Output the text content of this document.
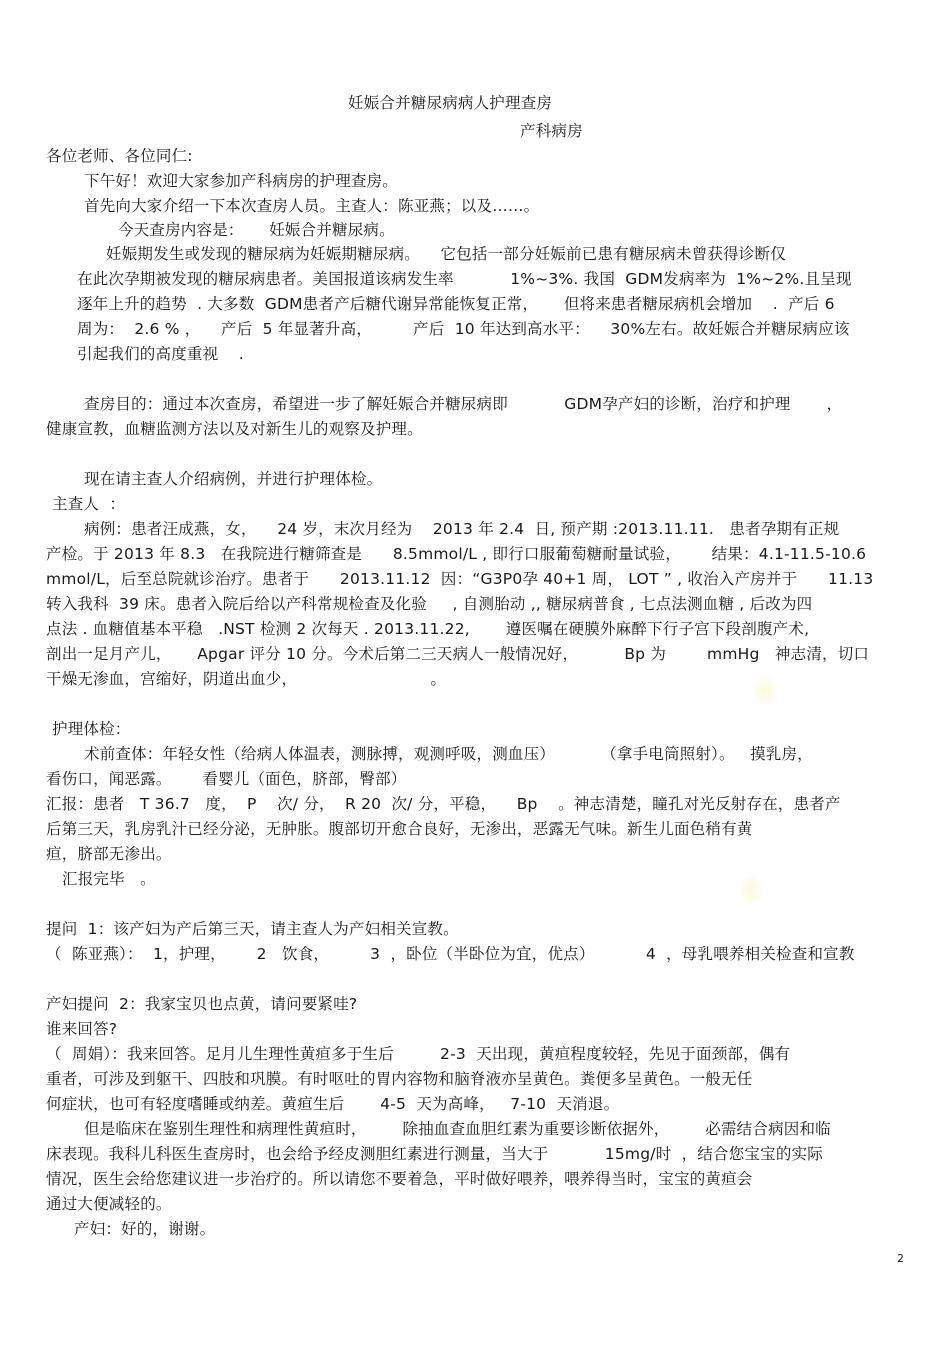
妊娠合并糖尿病病人护理查房
产科病房
各位老师、各位同仁:
下午好！欢迎大家参加产科病房的护理查房。
首先向大家介绍一下本次查房人员。主查人：陈亚燕；以及……。
今天查房内容是：     妊娠合并糖尿病。
妊娠期发生或发现的糖尿病为妊娠期糖尿病。    它包括一部分妊娠前已患有糖尿病未曾获得诊断仅
在此次孕期被发现的糖尿病患者。美国报道该病发生率           1%~3%. 我国  GDM发病率为  1%~2%.且呈现
逐年上升的趋势  . 大多数  GDM患者产后糖代谢异常能恢复正常，     但将来患者糖尿病机会增加    .  产后 6
周为：  2.6 % ，    产后  5 年显著升高，        产后  10 年达到高水平：    30%左右。故妊娠合并糖尿病应该
引起我们的高度重视    .
查房目的：通过本次查房，希望进一步了解妊娠合并糖尿病即           GDM孕产妇的诊断，治疗和护理       ，
健康宣教，血糖监测方法以及对新生儿的观察及护理。
现在请主查人介绍病例，并进行护理体检。
主查人  ：
病例：患者汪成燕，女，    24 岁，末次月经为    2013 年 2.4  日, 预产期 :2013.11.11.   患者孕期有正规
产检。于 2013 年 8.3   在我院进行糖筛查是      8.5mmol/L , 即行口服葡萄糖耐量试验，      结果：4.1-11.5-10.6
mmol/L，后至总院就诊治疗。患者于      2013.11.12  因：“G3P0孕 40+1 周， LOT ” , 收治入产房并于      11.13
转入我科  39 床。患者入院后给以产科常规检查及化验     , 自测胎动 ,, 糖尿病普食 , 七点法测血糖 , 后改为四
点法 . 血糖值基本平稳   .NST 检测 2 次每天 . 2013.11.22,       遵医嘱在硬膜外麻醉下行子宫下段剖腹产术,
剖出一足月产儿，     Apgar 评分 10 分。今术后第二三天病人一般情况好，         Bp 为        mmHg   神志清，切口
干燥无渗血，宫缩好，阴道出血少，                          。
护理体检：
术前查体：年轻女性（给病人体温表，测脉搏，观测呼吸，测血压）         （拿手电筒照射）。   摸乳房，
看伤口，闻恶露。      看婴儿（面色，脐部，臀部）
汇报：患者   T 36.7   度，  P    次/ 分，  R 20  次/ 分，平稳，    Bp    。神志清楚，瞳孔对光反射存在，患者产
后第三天，乳房乳汁已经分泌，无肿胀。腹部切开愈合良好，无渗出，恶露无气味。新生儿面色稍有黄
疸，脐部无渗出。
汇报完毕   。
提问  1：该产妇为产后第三天，请主查人为产妇相关宣教。
（  陈亚燕）：  1，护理，      2   饮食，        3  ，卧位（半卧位为宜，优点）          4  ，母乳喂养相关检查和宣教
产妇提问  2：我家宝贝也点黄，请问要紧哇?
谁来回答?
（  周娟）：我来回答。足月儿生理性黄疸多于生后         2-3  天出现，黄疸程度较轻，先见于面颈部，偶有
重者，可涉及到躯干、四肢和巩膜。有时呕吐的胃内容物和脑脊液亦呈黄色。粪便多呈黄色。一般无任
何症状，也可有轻度嗜睡或纳差。黄疸生后       4-5  天为高峰，   7-10  天消退。
但是临床在鉴别生理性和病理性黄疸时，       除抽血查血胆红素为重要诊断依据外，       必需结合病因和临
床表现。我科儿科医生查房时，也会给予经皮测胆红素进行测量，当大于           15mg/时  ，结合您宝宝的实际
情况，医生会给您建议进一步治疗的。所以请您不要着急，平时做好喂养，喂养得当时，宝宝的黄疸会
通过大便减轻的。
产妇：好的，谢谢。
2
